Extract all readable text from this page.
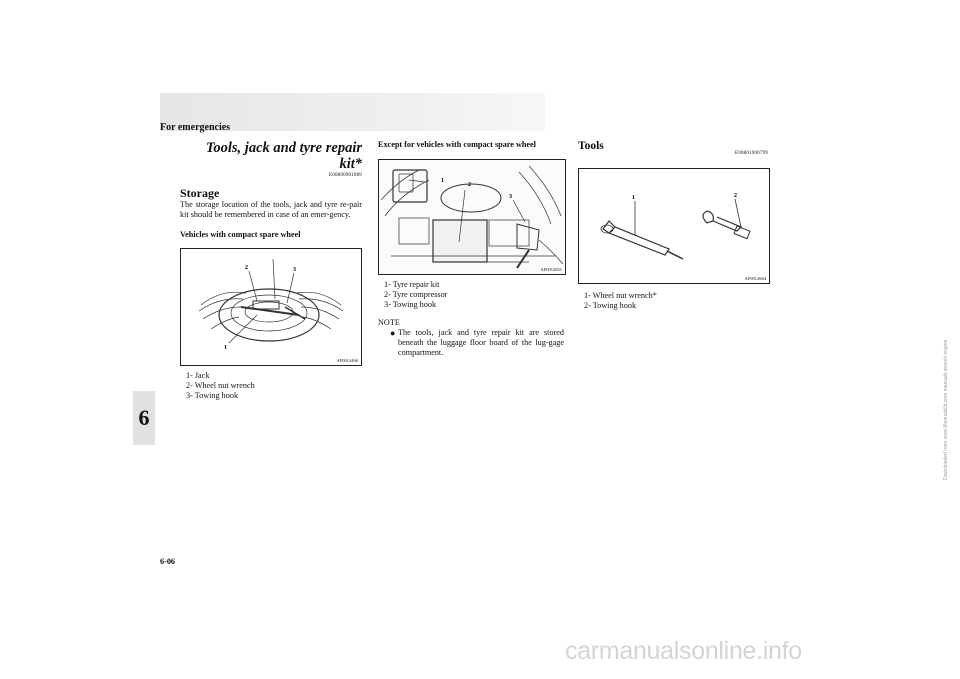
For emergencies
6
Tools, jack and tyre repair kit*
E00800901089
Storage
The storage location of the tools, jack and tyre re-pair kit should be remembered in case of an emer-gency.
Vehicles with compact spare wheel
2	3
1
AF0014466
1- Jack
2- Wheel nut wrench
3- Towing hook
Except for vehicles with compact spare wheel
1
2
3
AF0012651
1- Tyre repair kit
2- Tyre compressor
3- Towing hook
NOTE
● The tools, jack and tyre repair kit are stored beneath the luggage floor board of the lug-gage compartment.
Tools
E00801900799
1	2
AF0012664
1- Wheel nut wrench*
2- Towing hook
6-06
carmanualsonline.info
Downloaded from www.Manualslib.com manuals search engine
